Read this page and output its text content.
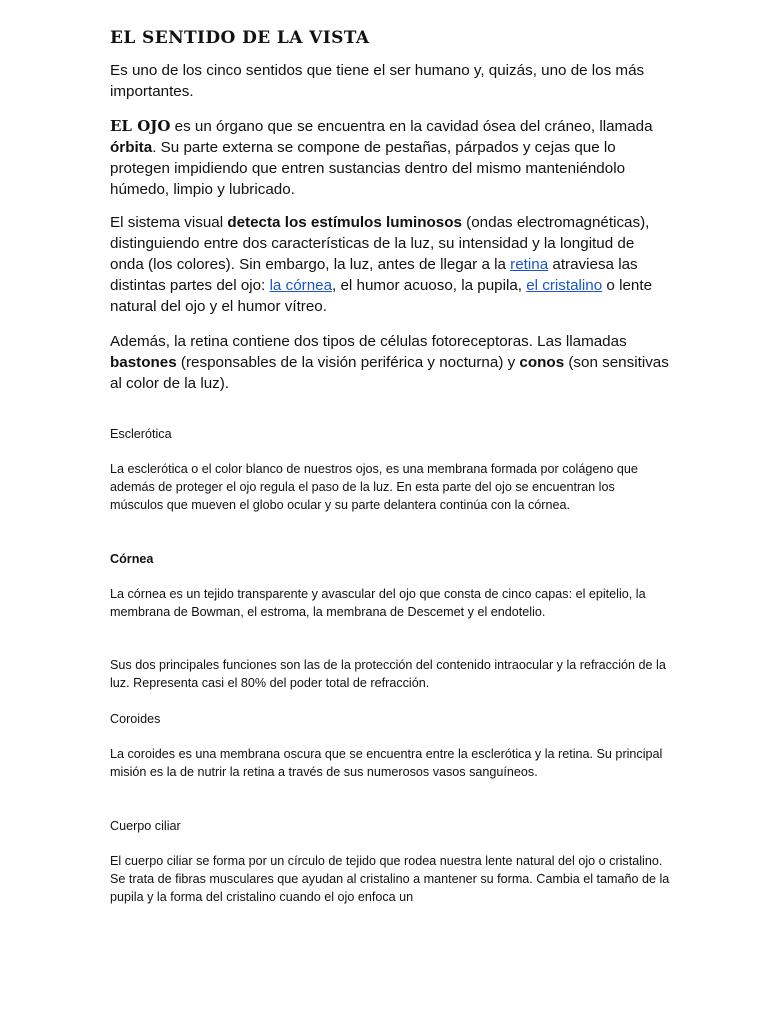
EL SENTIDO DE LA VISTA

Es uno de los cinco sentidos que tiene el ser humano y, quizás, uno de los más importantes.

EL OJO es un órgano que se encuentra en la cavidad ósea del cráneo, llamada órbita. Su parte externa se compone de pestañas, párpados y cejas que lo protegen impidiendo que entren sustancias dentro del mismo manteniéndolo húmedo, limpio y lubricado.

El sistema visual detecta los estímulos luminosos (ondas electromagnéticas), distinguiendo entre dos características de la luz, su intensidad y la longitud de onda (los colores). Sin embargo, la luz, antes de llegar a la retina atraviesa las distintas partes del ojo: la córnea, el humor acuoso, la pupila, el cristalino o lente natural del ojo y el humor vítreo.

Además, la retina contiene dos tipos de células fotoreceptoras. Las llamadas bastones (responsables de la visión periférica y nocturna) y conos (son sensitivas al color de la luz).

Esclerótica

La esclerótica o el color blanco de nuestros ojos, es una membrana formada por colágeno que además de proteger el ojo regula el paso de la luz. En esta parte del ojo se encuentran los músculos que mueven el globo ocular y su parte delantera continúa con la córnea.

Córnea

La córnea es un tejido transparente y avascular del ojo que consta de cinco capas: el epitelio, la membrana de Bowman, el estroma, la membrana de Descemet y el endotelio.

Sus dos principales funciones son las de la protección del contenido intraocular y la refracción de la luz. Representa casi el 80% del poder total de refracción.

Coroides

La coroides es una membrana oscura que se encuentra entre la esclerótica y la retina. Su principal misión es la de nutrir la retina a través de sus numerosos vasos sanguíneos.

Cuerpo ciliar

El cuerpo ciliar se forma por un círculo de tejido que rodea nuestra lente natural del ojo o cristalino. Se trata de fibras musculares que ayudan al cristalino a mantener su forma. Cambia el tamaño de la pupila y la forma del cristalino cuando el ojo enfoca un
